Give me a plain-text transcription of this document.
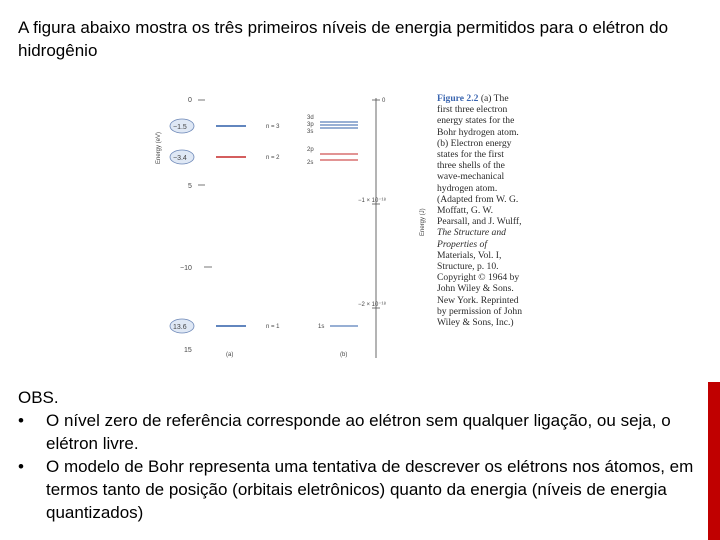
A figura abaixo mostra os três primeiros níveis de energia permitidos para o elétron do hidrogênio
Energy (eV)
0
5
−10
15
−1.5
−3.4
13.6
n = 3
n = 2
n = 1
(a)
0
−1 × 10⁻¹⁸
−2 × 10⁻¹⁸
Energy (J)
3d
3p
3s
2p
2s
1s
(b)
Figure 2.2 (a) The
first three electron
energy states for the
Bohr hydrogen atom.
(b) Electron energy
states for the first
three shells of the
wave-mechanical
hydrogen atom.
(Adapted from W. G.
Moffatt, G. W.
Pearsall, and J. Wulff,
The Structure and
Properties of
Materials, Vol. I,
Structure, p. 10.
Copyright © 1964 by
John Wiley & Sons.
New York. Reprinted
by permission of John
Wiley & Sons, Inc.)

OBS.

• O nível zero de referência corresponde ao elétron sem qualquer ligação, ou seja, o elétron livre.
• O modelo de Bohr representa uma tentativa de descrever os elétrons nos átomos, em termos tanto de posição (orbitais eletrônicos) quanto da energia (níveis de energia quantizados)
